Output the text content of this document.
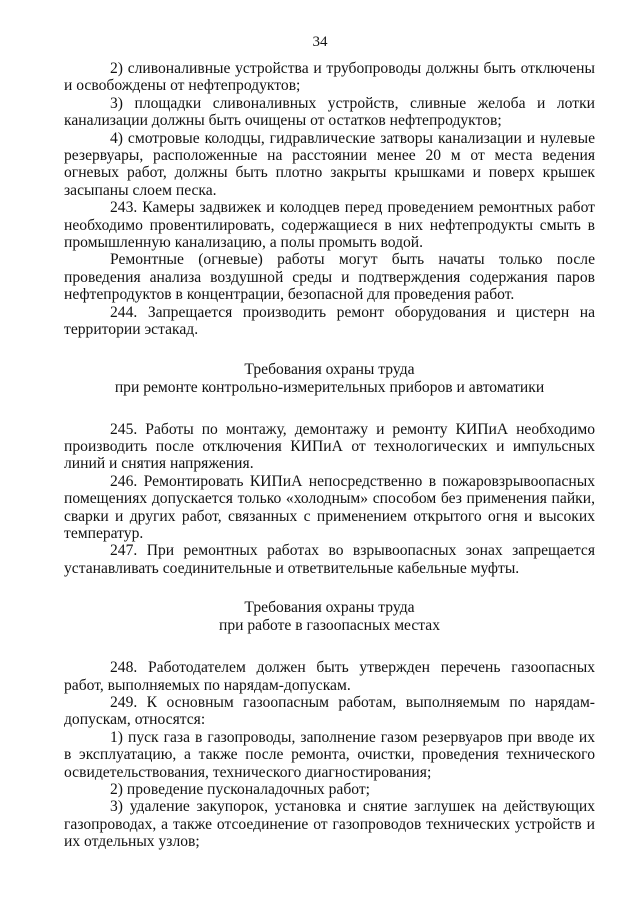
34

2) сливоналивные устройства и трубопроводы должны быть отключены и освобождены от нефтепродуктов;

3) площадки сливоналивных устройств, сливные желоба и лотки канализации должны быть очищены от остатков нефтепродуктов;

4) смотровые колодцы, гидравлические затворы канализации и нулевые резервуары, расположенные на расстоянии менее 20 м от места ведения огневых работ, должны быть плотно закрыты крышками и поверх крышек засыпаны слоем песка.

243. Камеры задвижек и колодцев перед проведением ремонтных работ необходимо провентилировать, содержащиеся в них нефтепродукты смыть в промышленную канализацию, а полы промыть водой.

Ремонтные (огневые) работы могут быть начаты только после проведения анализа воздушной среды и подтверждения содержания паров нефтепродуктов в концентрации, безопасной для проведения работ.

244. Запрещается производить ремонт оборудования и цистерн на территории эстакад.

Требования охраны труда
при ремонте контрольно-измерительных приборов и автоматики

245. Работы по монтажу, демонтажу и ремонту КИПиА необходимо производить после отключения КИПиА от технологических и импульсных линий и снятия напряжения.

246. Ремонтировать КИПиА непосредственно в пожаровзрывоопасных помещениях допускается только «холодным» способом без применения пайки, сварки и других работ, связанных с применением открытого огня и высоких температур.

247. При ремонтных работах во взрывоопасных зонах запрещается устанавливать соединительные и ответвительные кабельные муфты.

Требования охраны труда
при работе в газоопасных местах

248. Работодателем должен быть утвержден перечень газоопасных работ, выполняемых по нарядам-допускам.

249. К основным газоопасным работам, выполняемым по нарядам-допускам, относятся:

1) пуск газа в газопроводы, заполнение газом резервуаров при вводе их в эксплуатацию, а также после ремонта, очистки, проведения технического освидетельствования, технического диагностирования;

2) проведение пусконаладочных работ;

3) удаление закупорок, установка и снятие заглушек на действующих газопроводах, а также отсоединение от газопроводов технических устройств и их отдельных узлов;
